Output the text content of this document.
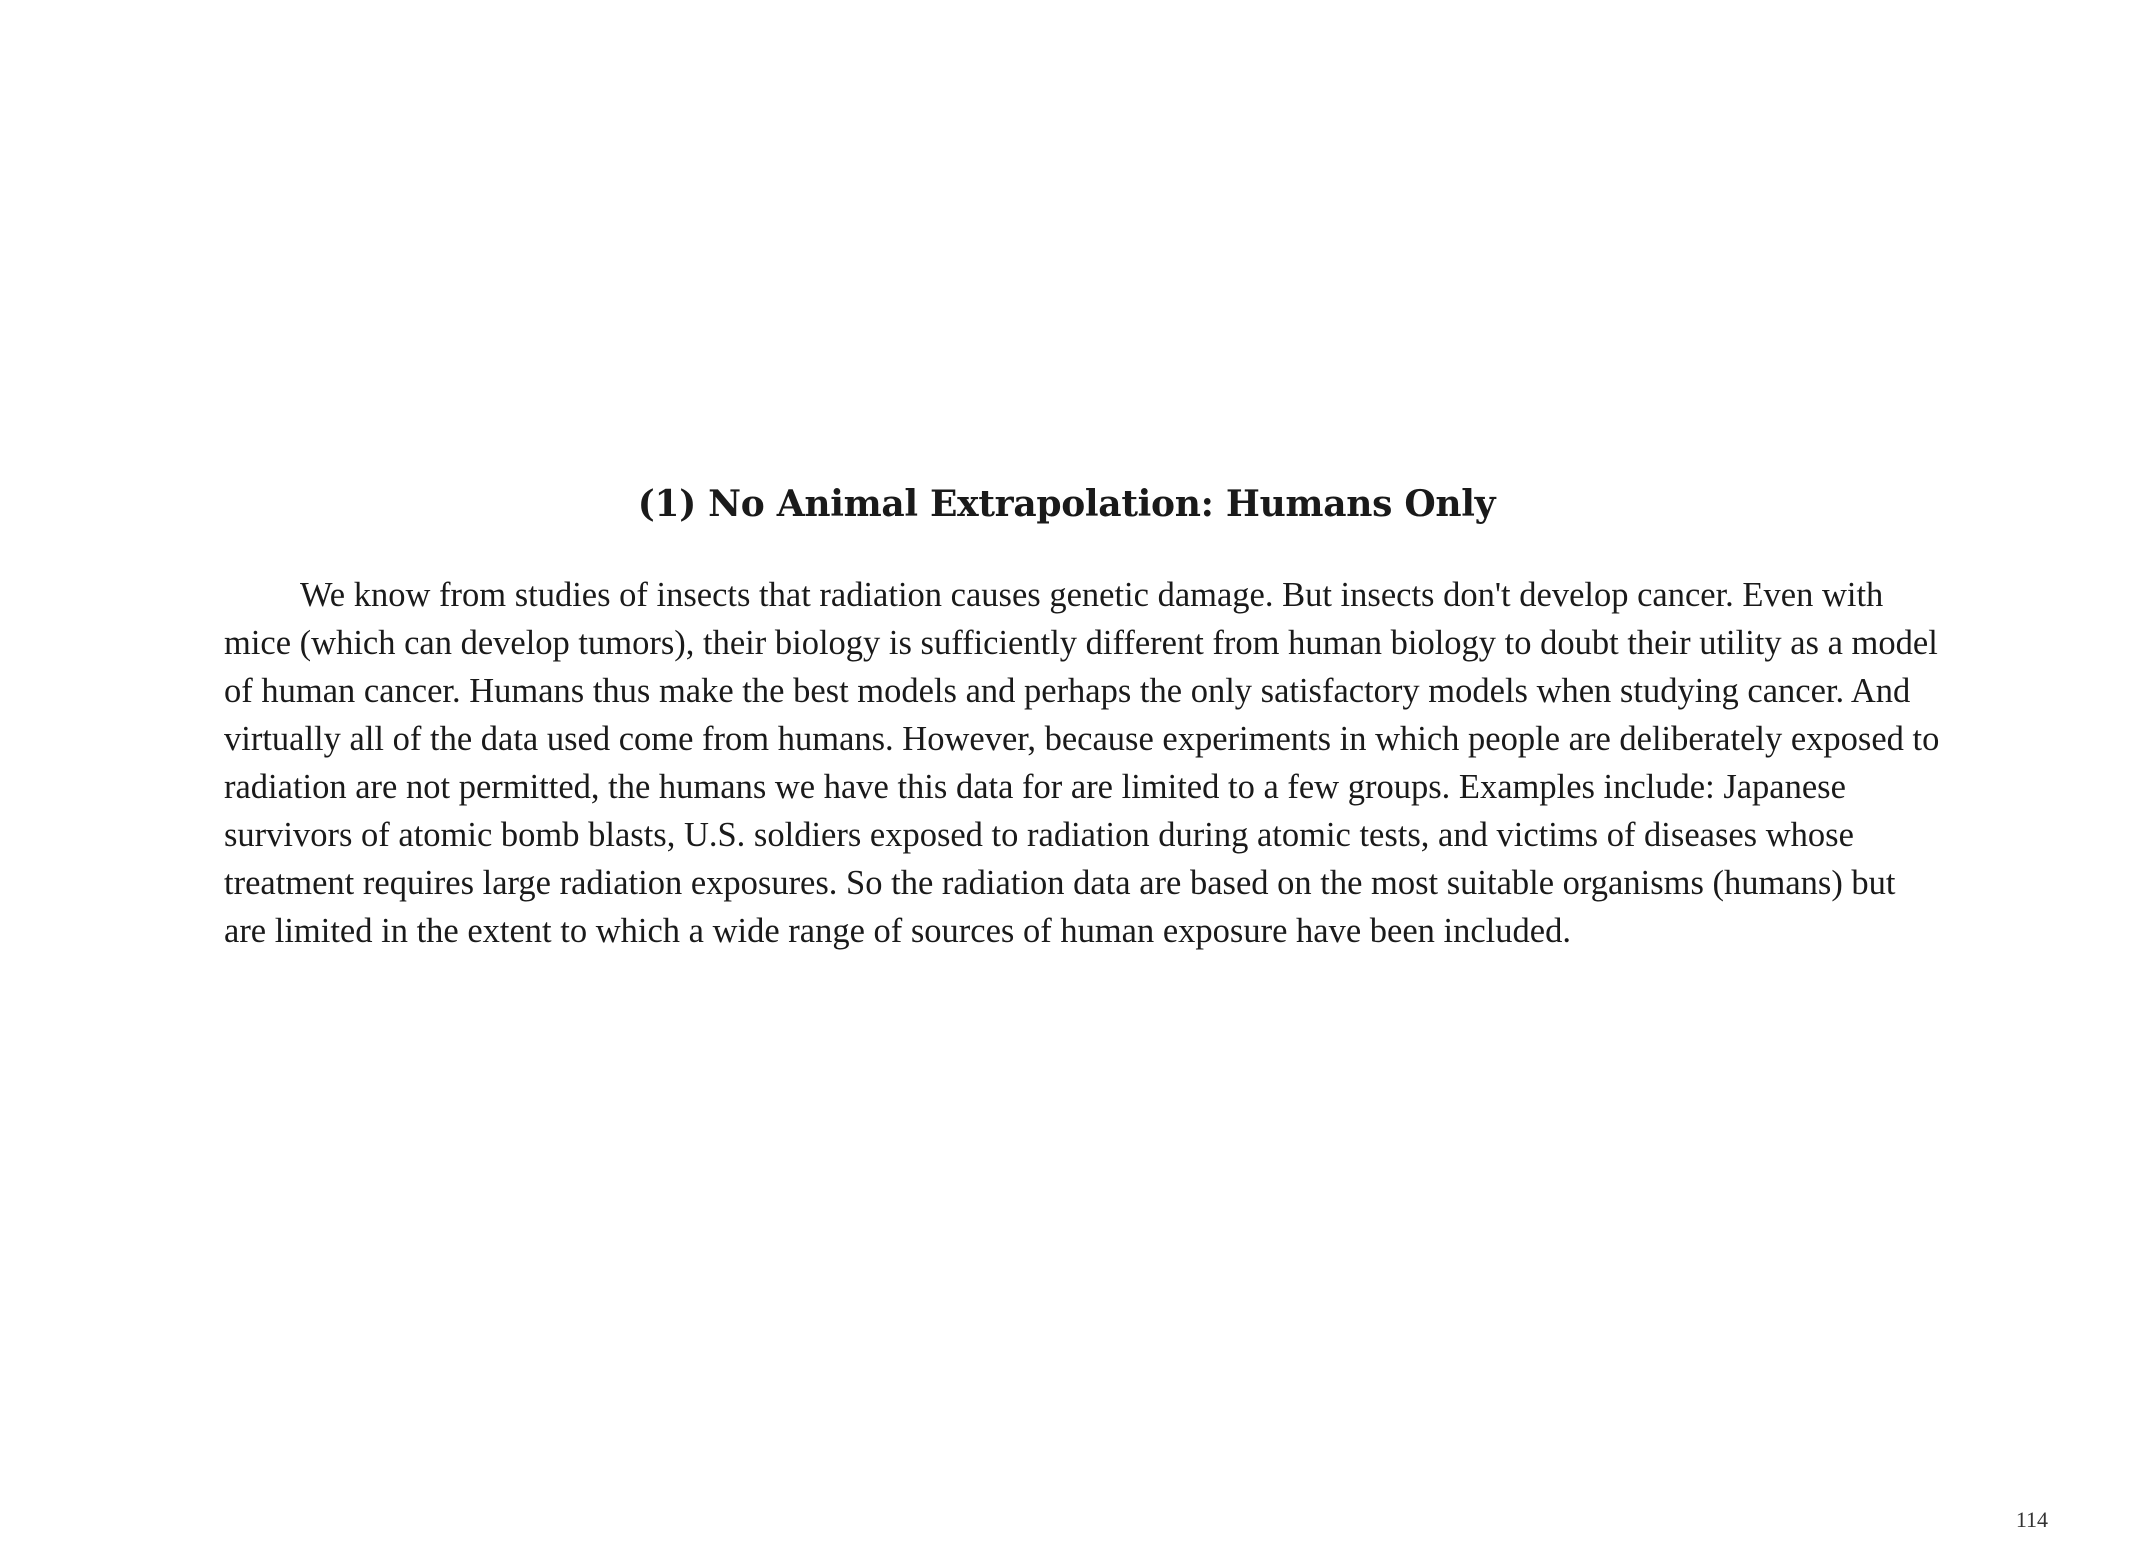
(1) No Animal Extrapolation: Humans Only

We know from studies of insects that radiation causes genetic damage. But insects don't develop cancer. Even with mice (which can develop tumors), their biology is sufficiently different from human biology to doubt their utility as a model of human cancer. Humans thus make the best models and perhaps the only satisfactory models when studying cancer. And virtually all of the data used come from humans. However, because experiments in which people are deliberately exposed to radiation are not permitted, the humans we have this data for are limited to a few groups. Examples include: Japanese survivors of atomic bomb blasts, U.S. soldiers exposed to radiation during atomic tests, and victims of diseases whose treatment requires large radiation exposures. So the radiation data are based on the most suitable organisms (humans) but are limited in the extent to which a wide range of sources of human exposure have been included.

114
